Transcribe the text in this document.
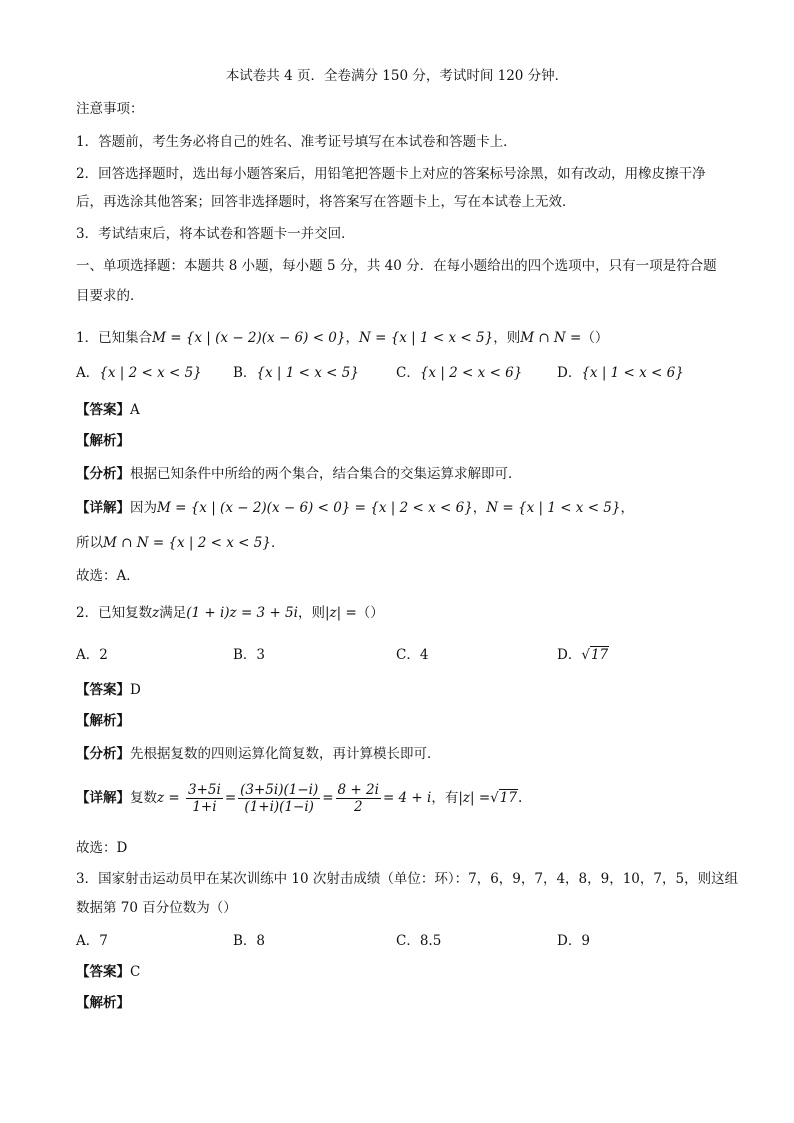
本试卷共 4 页．全卷满分 150 分，考试时间 120 分钟．
注意事项：
1．答题前，考生务必将自己的姓名、准考证号填写在本试卷和答题卡上．
2．回答选择题时，选出每小题答案后，用铅笔把答题卡上对应的答案标号涂黑，如有改动，用橡皮擦干净
后，再选涂其他答案；回答非选择题时，将答案写在答题卡上，写在本试卷上无效．
3．考试结束后，将本试卷和答题卡一并交回．
一、单项选择题：本题共 8 小题，每小题 5 分，共 40 分．在每小题给出的四个选项中，只有一项是符合题
目要求的．
1．已知集合M = {x | (x − 2)(x − 6) < 0}，N = {x | 1 < x < 5}，则M ∩ N =（）
A．{x | 2 < x < 5} B．{x | 1 < x < 5}	C．{x | 2 < x < 6}	D．{x | 1 < x < 6}
【答案】A
【解析】
【分析】根据已知条件中所给的两个集合，结合集合的交集运算求解即可．
【详解】因为M = {x | (x − 2)(x − 6) < 0} = {x | 2 < x < 6}，N = {x | 1 < x < 5}，
所以M ∩ N = {x | 2 < x < 5}．
故选：A．
2．已知复数z满足(1 + i)z = 3 + 5i，则|z| =（）
A．2	B．3	C．4	D．√17
【答案】D
【解析】
【分析】先根据复数的四则运算化简复数，再计算模长即可．
【详解】复数$z = \frac{3+5i}{1+i} = \frac{(3+5i)(1-i)}{(1+i)(1-i)} = \frac{8 + 2i}{2} = 4 + i$，有|z| =√17.
故选：D
3．国家射击运动员甲在某次训练中 10 次射击成绩（单位：环）：7，6，9，7，4，8，9，10，7，5，则这组
数据第 70 百分位数为（）
A．7	B．8	C．8.5	D．9
【答案】C
【解析】
